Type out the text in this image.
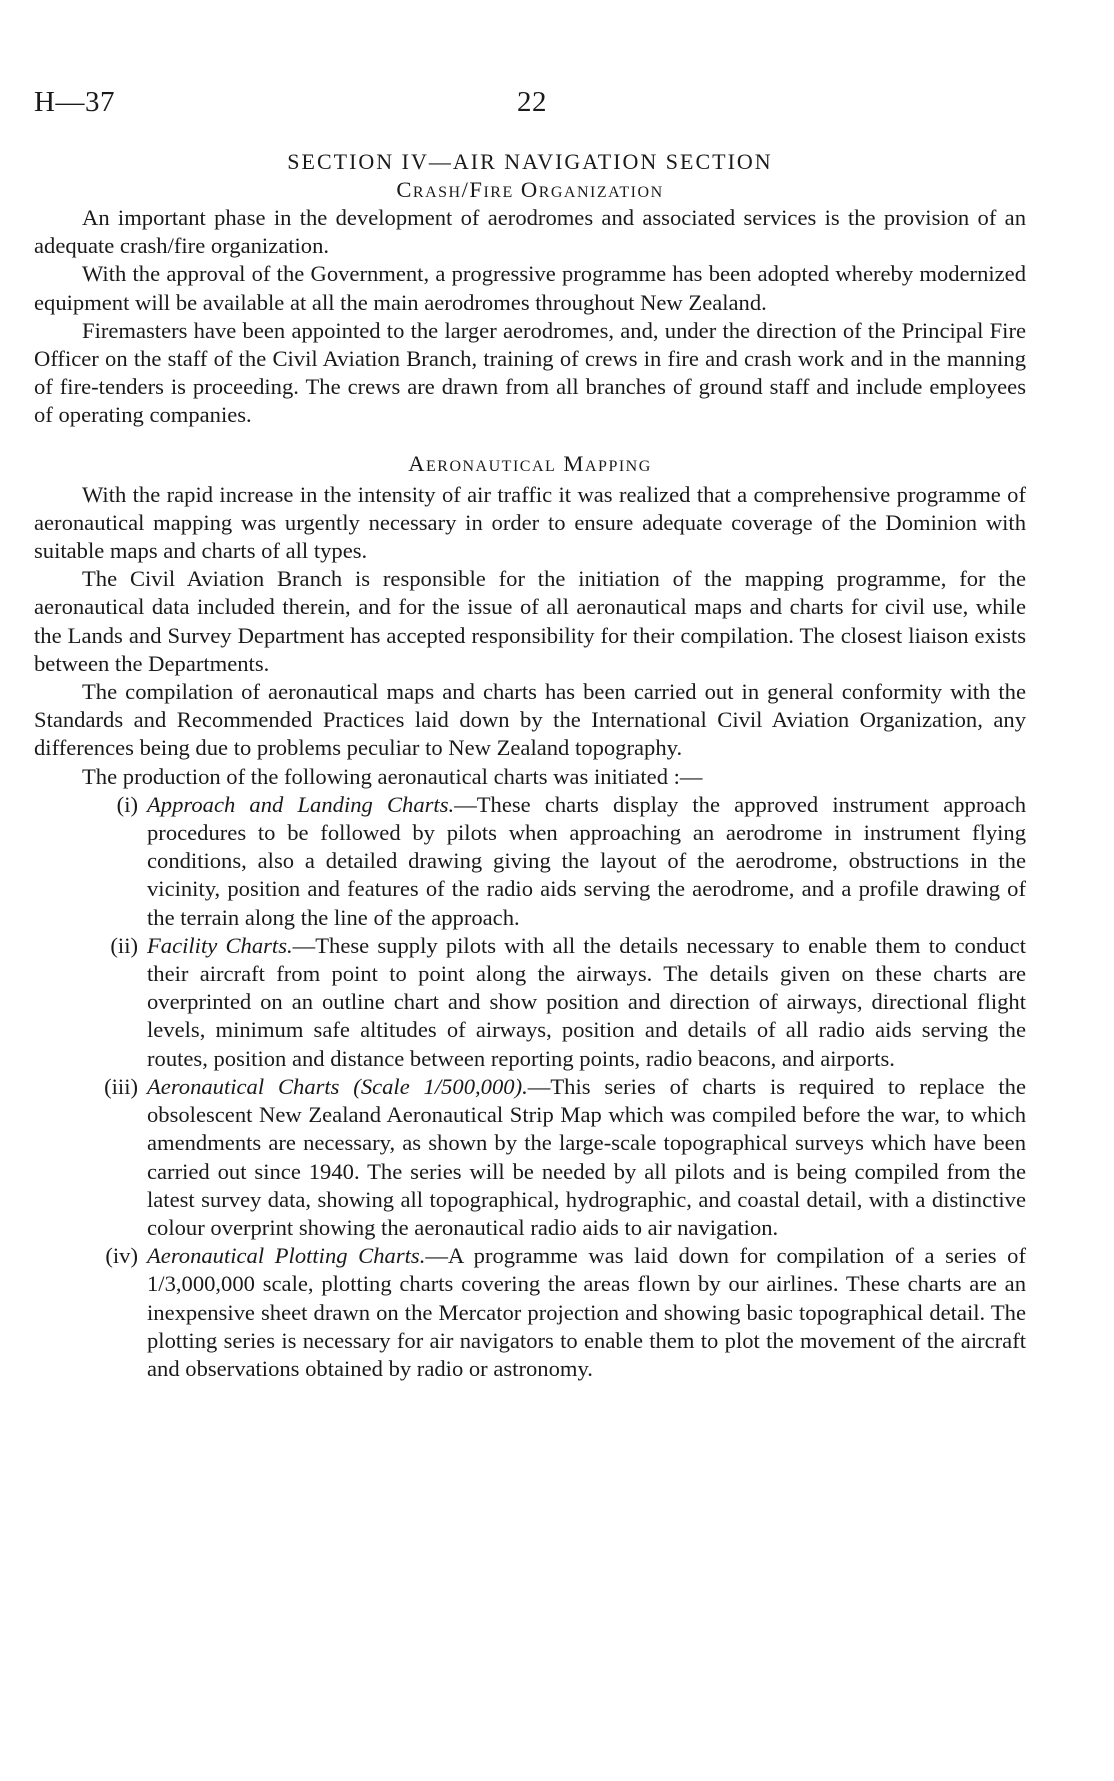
H—37	22
SECTION IV—AIR NAVIGATION SECTION
Crash/Fire Organization

An important phase in the development of aerodromes and associated services is the provision of an adequate crash/fire organization.

With the approval of the Government, a progressive programme has been adopted whereby modernized equipment will be available at all the main aerodromes throughout New Zealand.

Firemasters have been appointed to the larger aerodromes, and, under the direction of the Principal Fire Officer on the staff of the Civil Aviation Branch, training of crews in fire and crash work and in the manning of fire-tenders is proceeding. The crews are drawn from all branches of ground staff and include employees of operating companies.

Aeronautical Mapping

With the rapid increase in the intensity of air traffic it was realized that a comprehensive programme of aeronautical mapping was urgently necessary in order to ensure adequate coverage of the Dominion with suitable maps and charts of all types.

The Civil Aviation Branch is responsible for the initiation of the mapping programme, for the aeronautical data included therein, and for the issue of all aeronautical maps and charts for civil use, while the Lands and Survey Department has accepted responsibility for their compilation. The closest liaison exists between the Departments.

The compilation of aeronautical maps and charts has been carried out in general conformity with the Standards and Recommended Practices laid down by the International Civil Aviation Organization, any differences being due to problems peculiar to New Zealand topography.

The production of the following aeronautical charts was initiated :—

(i) Approach and Landing Charts.—These charts display the approved instrument approach procedures to be followed by pilots when approaching an aerodrome in instrument flying conditions, also a detailed drawing giving the layout of the aerodrome, obstructions in the vicinity, position and features of the radio aids serving the aerodrome, and a profile drawing of the terrain along the line of the approach.
(ii) Facility Charts.—These supply pilots with all the details necessary to enable them to conduct their aircraft from point to point along the airways. The details given on these charts are overprinted on an outline chart and show position and direction of airways, directional flight levels, minimum safe altitudes of airways, position and details of all radio aids serving the routes, position and distance between reporting points, radio beacons, and airports.
(iii) Aeronautical Charts (Scale 1/500,000).—This series of charts is required to replace the obsolescent New Zealand Aeronautical Strip Map which was compiled before the war, to which amendments are necessary, as shown by the large-scale topographical surveys which have been carried out since 1940. The series will be needed by all pilots and is being compiled from the latest survey data, showing all topographical, hydrographic, and coastal detail, with a distinctive colour overprint showing the aeronautical radio aids to air navigation.
(iv) Aeronautical Plotting Charts.—A programme was laid down for compilation of a series of 1/3,000,000 scale, plotting charts covering the areas flown by our airlines. These charts are an inexpensive sheet drawn on the Mercator projection and showing basic topographical detail. The plotting series is necessary for air navigators to enable them to plot the movement of the aircraft and observations obtained by radio or astronomy.
